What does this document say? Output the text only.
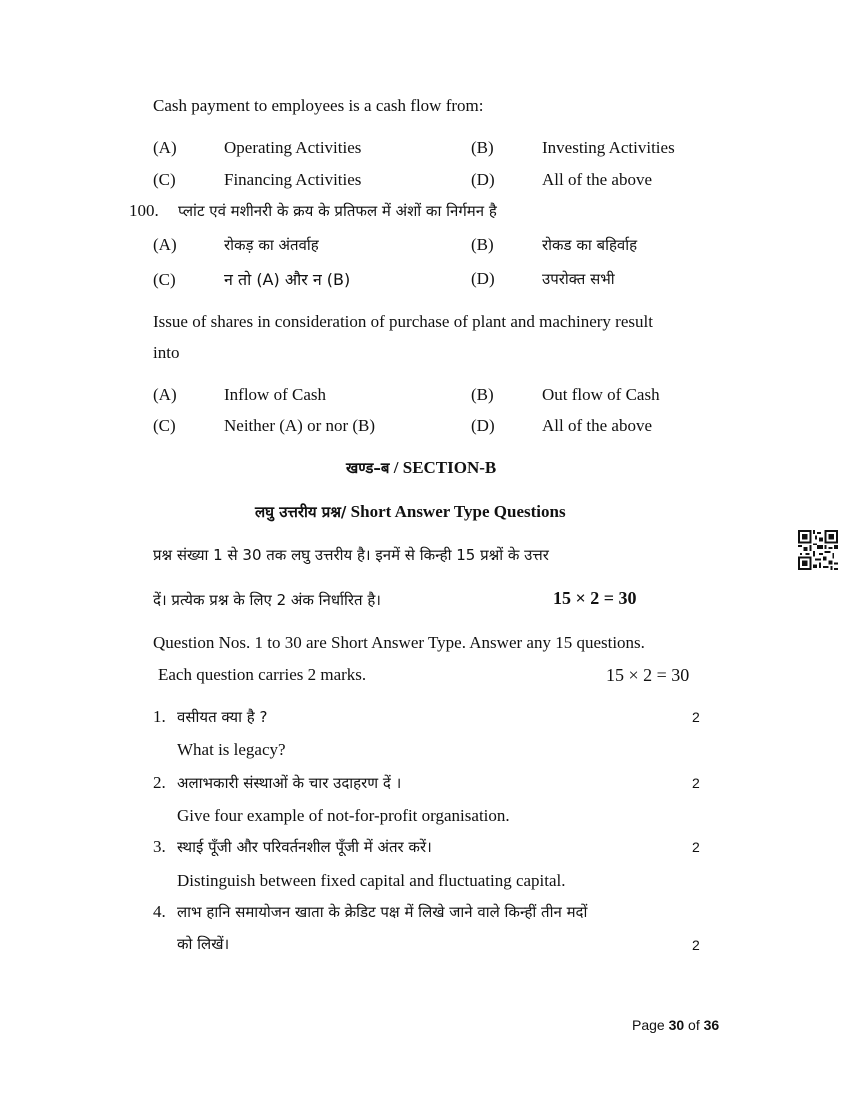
Cash payment to employees is a cash flow from:
(A)	Operating Activities	(B)	Investing Activities
(C)	Financing Activities	(D)	All of the above
100. प्लांट एवं मशीनरी के क्रय के प्रतिफल में अंशों का निर्गमन है
(A)	रोकड़ का अंतर्वाह	(B)	रोकड का बहिर्वाह
(C)	न तो (A) और न (B)	(D)	उपरोक्त सभी
Issue of shares in consideration of purchase of plant and machinery result
into
(A)	Inflow of Cash	(B)	Out flow of Cash
(C)	Neither (A) or nor (B)	(D)	All of the above
खण्ड–ब / SECTION-B
लघु उत्तरीय प्रश्न/ Short Answer Type Questions
प्रश्न संख्या 1 से 30 तक लघु उत्तरीय है। इनमें से किन्ही 15 प्रश्नों के उत्तर
दें। प्रत्येक प्रश्न के लिए 2 अंक निर्धारित है।	15 × 2 = 30
Question Nos. 1 to 30 are Short Answer Type. Answer any 15 questions.
Each question carries 2 marks.	15 × 2 = 30
1. वसीयत क्या है ?	2
What is legacy?
2. अलाभकारी संस्थाओं के चार उदाहरण दें ।	2
Give four example of not-for-profit organisation.
3. स्थाई पूँजी और परिवर्तनशील पूँजी में अंतर करें।	2
Distinguish between fixed capital and fluctuating capital.
4. लाभ हानि समायोजन खाता के क्रेडिट पक्ष में लिखे जाने वाले किन्हीं तीन मदों
को लिखें।	2
Page 30 of 36
